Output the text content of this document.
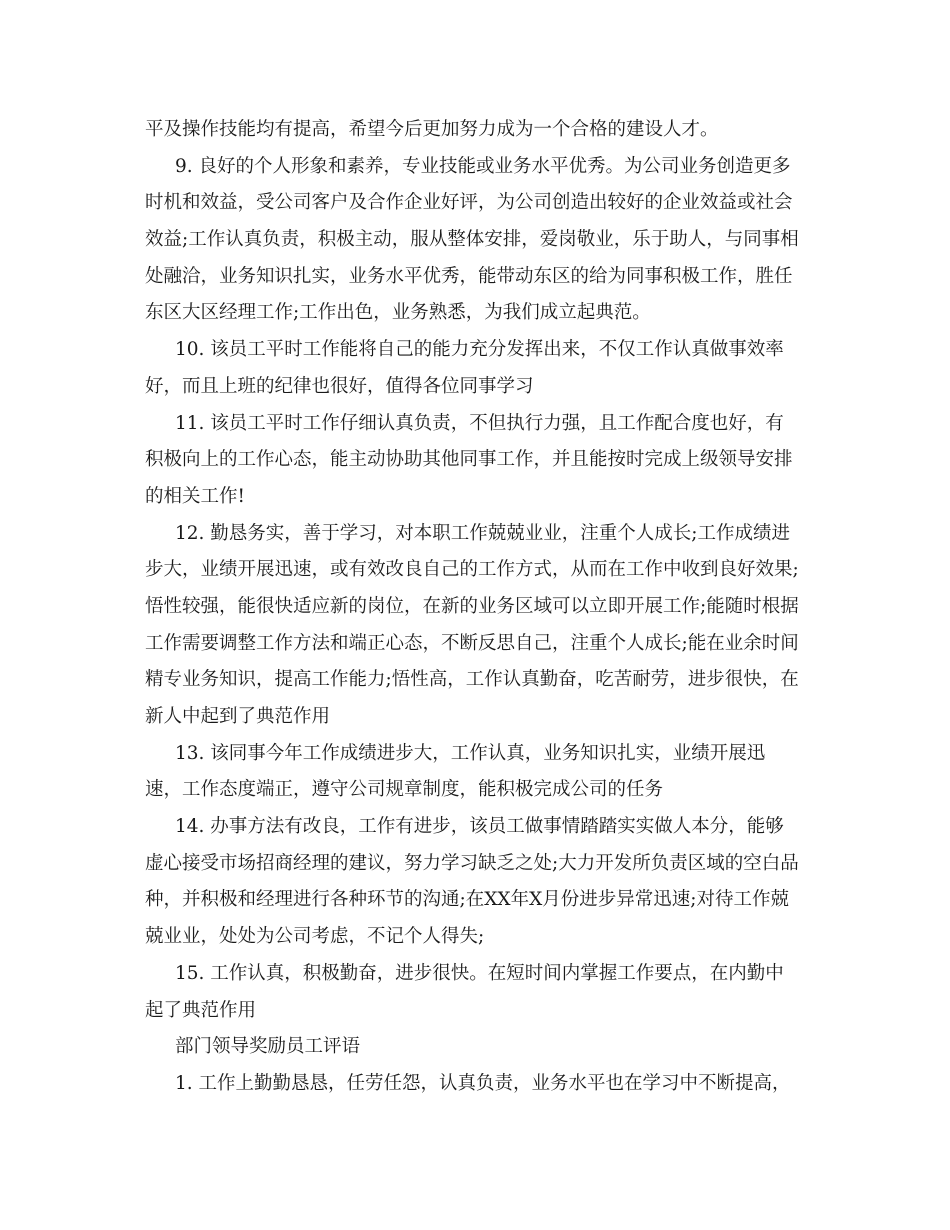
平及操作技能均有提高，希望今后更加努力成为一个合格的建设人才。
9. 良好的个人形象和素养，专业技能或业务水平优秀。为公司业务创造更多
时机和效益，受公司客户及合作企业好评，为公司创造出较好的企业效益或社会
效益;工作认真负责，积极主动，服从整体安排，爱岗敬业，乐于助人，与同事相
处融洽，业务知识扎实，业务水平优秀，能带动东区的给为同事积极工作，胜任
东区大区经理工作;工作出色，业务熟悉，为我们成立起典范。
10. 该员工平时工作能将自己的能力充分发挥出来，不仅工作认真做事效率
好，而且上班的纪律也很好，值得各位同事学习
11. 该员工平时工作仔细认真负责，不但执行力强，且工作配合度也好，有
积极向上的工作心态，能主动协助其他同事工作，并且能按时完成上级领导安排
的相关工作!
12. 勤恳务实，善于学习，对本职工作兢兢业业，注重个人成长;工作成绩进
步大，业绩开展迅速，或有效改良自己的工作方式，从而在工作中收到良好效果;
悟性较强，能很快适应新的岗位，在新的业务区域可以立即开展工作;能随时根据
工作需要调整工作方法和端正心态，不断反思自己，注重个人成长;能在业余时间
精专业务知识，提高工作能力;悟性高，工作认真勤奋，吃苦耐劳，进步很快，在
新人中起到了典范作用
13. 该同事今年工作成绩进步大，工作认真，业务知识扎实，业绩开展迅
速，工作态度端正，遵守公司规章制度，能积极完成公司的任务
14. 办事方法有改良，工作有进步，该员工做事情踏踏实实做人本分，能够
虚心接受市场招商经理的建议，努力学习缺乏之处;大力开发所负责区域的空白品
种，并积极和经理进行各种环节的沟通;在XX年X月份进步异常迅速;对待工作兢
兢业业，处处为公司考虑，不记个人得失;
15. 工作认真，积极勤奋，进步很快。在短时间内掌握工作要点，在内勤中
起了典范作用
部门领导奖励员工评语
1. 工作上勤勤恳恳，任劳任怨，认真负责，业务水平也在学习中不断提高，
